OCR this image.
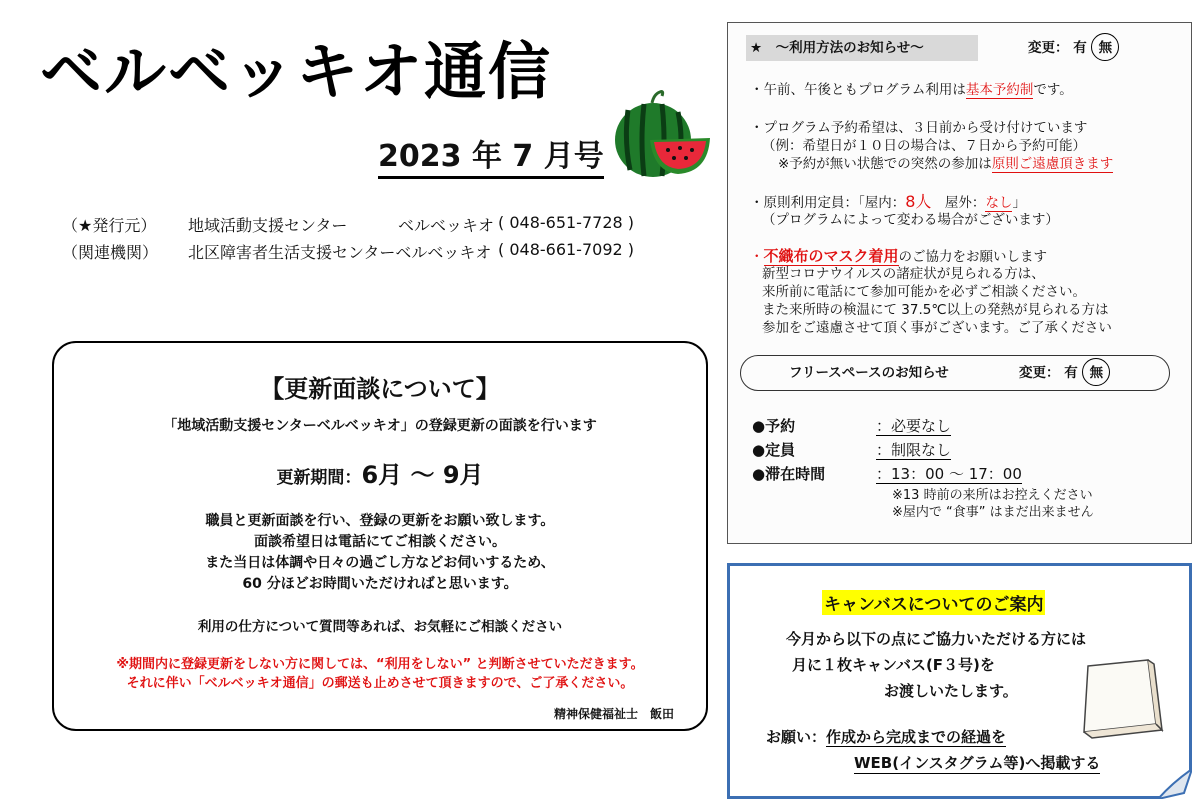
ベルベッキオ通信
2023 年 7 月号
（★発行元） 地域活動支援センター	ベルベッキオ ( 048-651-7728 )
（関連機関） 北区障害者生活支援センターベルベッキオ ( 048-661-7092 )
【更新面談について】
「地域活動支援センターベルベッキオ」の登録更新の面談を行います
更新期間：6月 〜 9月
職員と更新面談を行い、登録の更新をお願い致します。
面談希望日は電話にてご相談ください。
また当日は体調や日々の過ごし方などお伺いするため、
60 分ほどお時間いただければと思います。
利用の仕方について質問等あれば、お気軽にご相談ください
※期間内に登録更新をしない方に関しては、“利用をしない” と判断させていただきます。
それに伴い「ベルベッキオ通信」の郵送も止めさせて頂きますので、ご了承ください。
精神保健福祉士　飯田
★　〜利用方法のお知らせ〜	変更： 有 無
・午前、午後ともプログラム利用は基本予約制です。
・プログラム予約希望は、３日前から受け付けています
（例：希望日が１０日の場合は、７日から予約可能）
※予約が無い状態での突然の参加は原則ご遠慮頂きます
・原則利用定員：「屋内：8人　屋外：なし」
（プログラムによって変わる場合がございます）
・不織布のマスク着用のご協力をお願いします
新型コロナウイルスの諸症状が見られる方は、
来所前に電話にて参加可能かを必ずご相談ください。
また来所時の検温にて 37.5℃以上の発熱が見られる方は
参加をご遠慮させて頂く事がございます。ご了承ください
フリースペースのお知らせ	変更： 有 無
●予約	：必要なし
●定員	：制限なし
●滞在時間	：13：00 〜 17：00
※13 時前の来所はお控えください
※屋内で “食事” はまだ出来ません
キャンバスについてのご案内
今月から以下の点にご協力いただける方には
月に１枚キャンバス(F３号)を
お渡しいたします。
お願い：作成から完成までの経過を
WEB(インスタグラム等)へ掲載する
